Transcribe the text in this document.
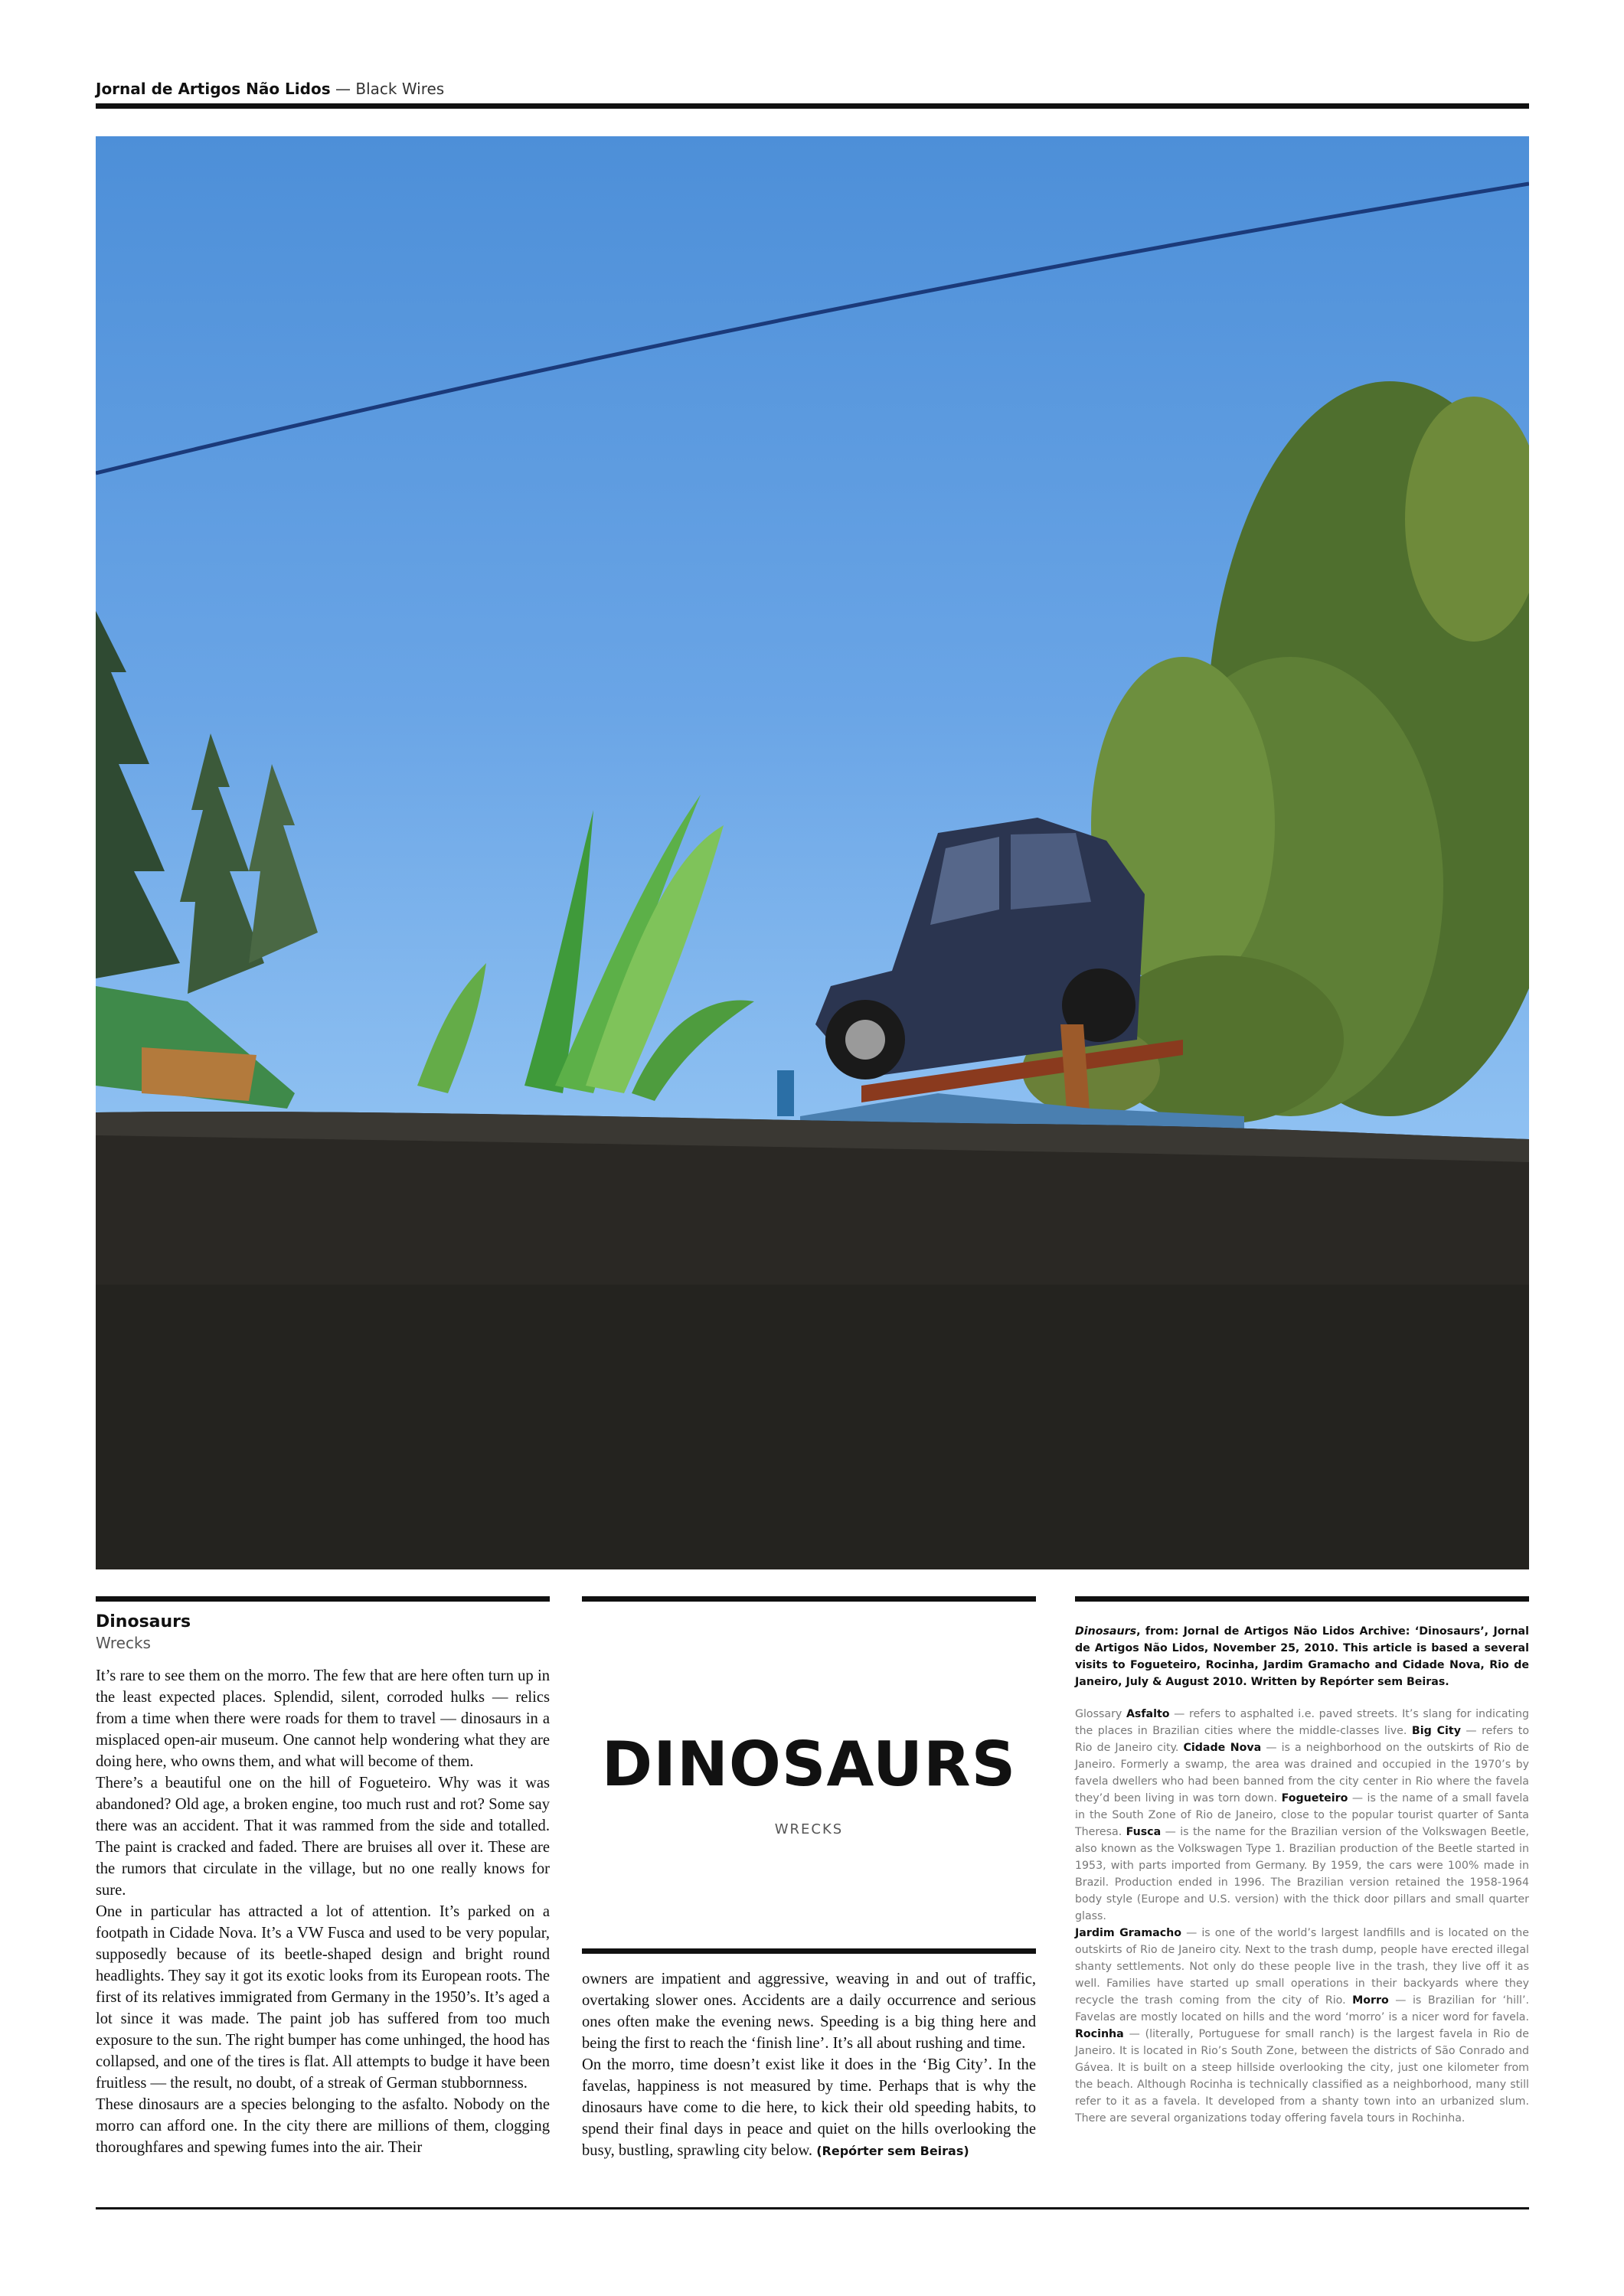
Jornal de Artigos Não Lidos — Black Wires
Dinosaurs
Wrecks

It’s rare to see them on the morro. The few that are here often turn up in the least expected places. Splendid, silent, corroded hulks — relics from a time when there were roads for them to travel — dinosaurs in a misplaced open-air museum. One cannot help wondering what they are doing here, who owns them, and what will become of them.

There’s a beautiful one on the hill of Fogueteiro. Why was it was abandoned? Old age, a broken engine, too much rust and rot? Some say there was an accident. That it was rammed from the side and totalled. The paint is cracked and faded. There are bruises all over it. These are the rumors that circulate in the village, but no one really knows for sure.

One in particular has attracted a lot of attention. It’s parked on a footpath in Cidade Nova. It’s a VW Fusca and used to be very popular, supposedly because of its beetle-shaped design and bright round headlights. They say it got its exotic looks from its European roots. The first of its relatives immigrated from Germany in the 1950’s. It’s aged a lot since it was made. The paint job has suffered from too much exposure to the sun. The right bumper has come unhinged, the hood has collapsed, and one of the tires is flat. All attempts to budge it have been fruitless — the result, no doubt, of a streak of German stubbornness.

These dinosaurs are a species belonging to the asfalto. Nobody on the morro can afford one. In the city there are millions of them, clogging thoroughfares and spewing fumes into the air. Their

DINOSAURS
WRECKS

owners are impatient and aggressive, weaving in and out of traffic, overtaking slower ones. Accidents are a daily occurrence and serious ones often make the evening news. Speeding is a big thing here and being the first to reach the ‘finish line’. It’s all about rushing and time.

On the morro, time doesn’t exist like it does in the ‘Big City’. In the favelas, happiness is not measured by time. Perhaps that is why the dinosaurs have come to die here, to kick their old speeding habits, to spend their final days in peace and quiet on the hills overlooking the busy, bustling, sprawling city below. (Repórter sem Beiras)

Dinosaurs, from: Jornal de Artigos Não Lidos Archive: ‘Dinosaurs’, Jornal de Artigos Não Lidos, November 25, 2010. This article is based a several visits to Fogueteiro, Rocinha, Jardim Gramacho and Cidade Nova, Rio de Janeiro, July & August 2010. Written by Repórter sem Beiras.

Glossary Asfalto — refers to asphalted i.e. paved streets. It’s slang for indicating the places in Brazilian cities where the middle-classes live. Big City — refers to Rio de Janeiro city. Cidade Nova — is a neighborhood on the outskirts of Rio de Janeiro. Formerly a swamp, the area was drained and occupied in the 1970’s by favela dwellers who had been banned from the city center in Rio where the favela they’d been living in was torn down. Fogueteiro — is the name of a small favela in the South Zone of Rio de Janeiro, close to the popular tourist quarter of Santa Theresa. Fusca — is the name for the Brazilian version of the Volkswagen Beetle, also known as the Volkswagen Type 1. Brazilian production of the Beetle started in 1953, with parts imported from Germany. By 1959, the cars were 100% made in Brazil. Production ended in 1996. The Brazilian version retained the 1958-1964 body style (Europe and U.S. version) with the thick door pillars and small quarter glass.

Jardim Gramacho — is one of the world’s largest landfills and is located on the outskirts of Rio de Janeiro city. Next to the trash dump, people have erected illegal shanty settlements. Not only do these people live in the trash, they live off it as well. Families have started up small operations in their backyards where they recycle the trash coming from the city of Rio. Morro — is Brazilian for ‘hill’. Favelas are mostly located on hills and the word ‘morro’ is a nicer word for favela. Rocinha — (literally, Portuguese for small ranch) is the largest favela in Rio de Janeiro. It is located in Rio’s South Zone, between the districts of São Conrado and Gávea. It is built on a steep hillside overlooking the city, just one kilometer from the beach. Although Rocinha is technically classified as a neighborhood, many still refer to it as a favela. It developed from a shanty town into an urbanized slum. There are several organizations today offering favela tours in Rochinha.
